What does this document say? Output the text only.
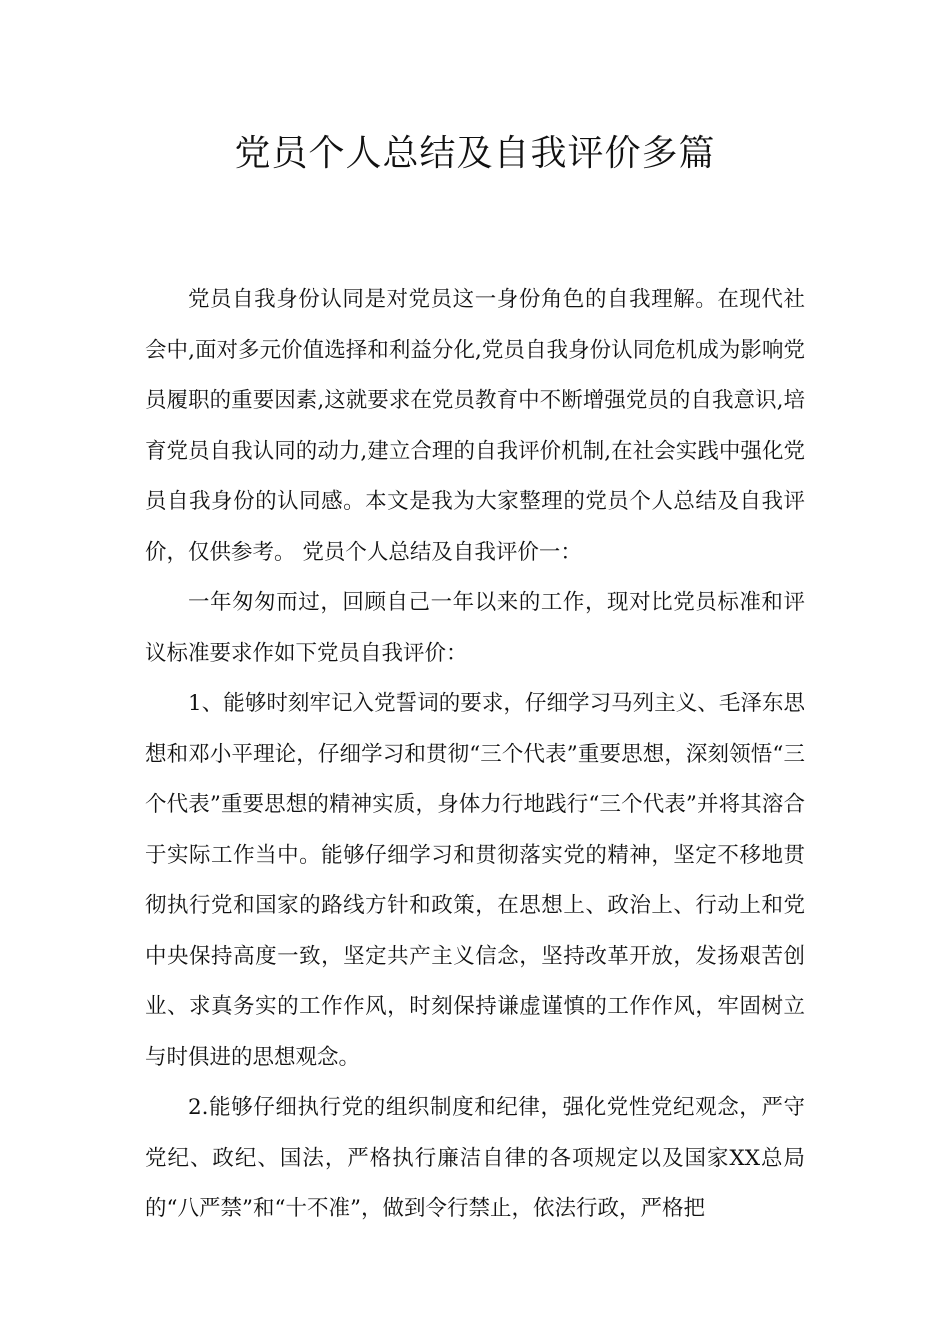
党员个人总结及自我评价多篇

党员自我身份认同是对党员这一身份角色的自我理解。在现代社会中,面对多元价值选择和利益分化,党员自我身份认同危机成为影响党员履职的重要因素,这就要求在党员教育中不断增强党员的自我意识,培育党员自我认同的动力,建立合理的自我评价机制,在社会实践中强化党员自我身份的认同感。本文是我为大家整理的党员个人总结及自我评价，仅供参考。 党员个人总结及自我评价一：

一年匆匆而过，回顾自己一年以来的工作，现对比党员标准和评议标准要求作如下党员自我评价：

1、能够时刻牢记入党誓词的要求，仔细学习马列主义、毛泽东思想和邓小平理论，仔细学习和贯彻“三个代表”重要思想，深刻领悟“三个代表”重要思想的精神实质，身体力行地践行“三个代表”并将其溶合于实际工作当中。能够仔细学习和贯彻落实党的精神，坚定不移地贯彻执行党和国家的路线方针和政策，在思想上、政治上、行动上和党中央保持高度一致，坚定共产主义信念，坚持改革开放，发扬艰苦创业、求真务实的工作作风，时刻保持谦虚谨慎的工作作风，牢固树立与时俱进的思想观念。

2.能够仔细执行党的组织制度和纪律，强化党性党纪观念，严守党纪、政纪、国法，严格执行廉洁自律的各项规定以及国家XX总局的“八严禁”和“十不准”，做到令行禁止，依法行政，严格把
